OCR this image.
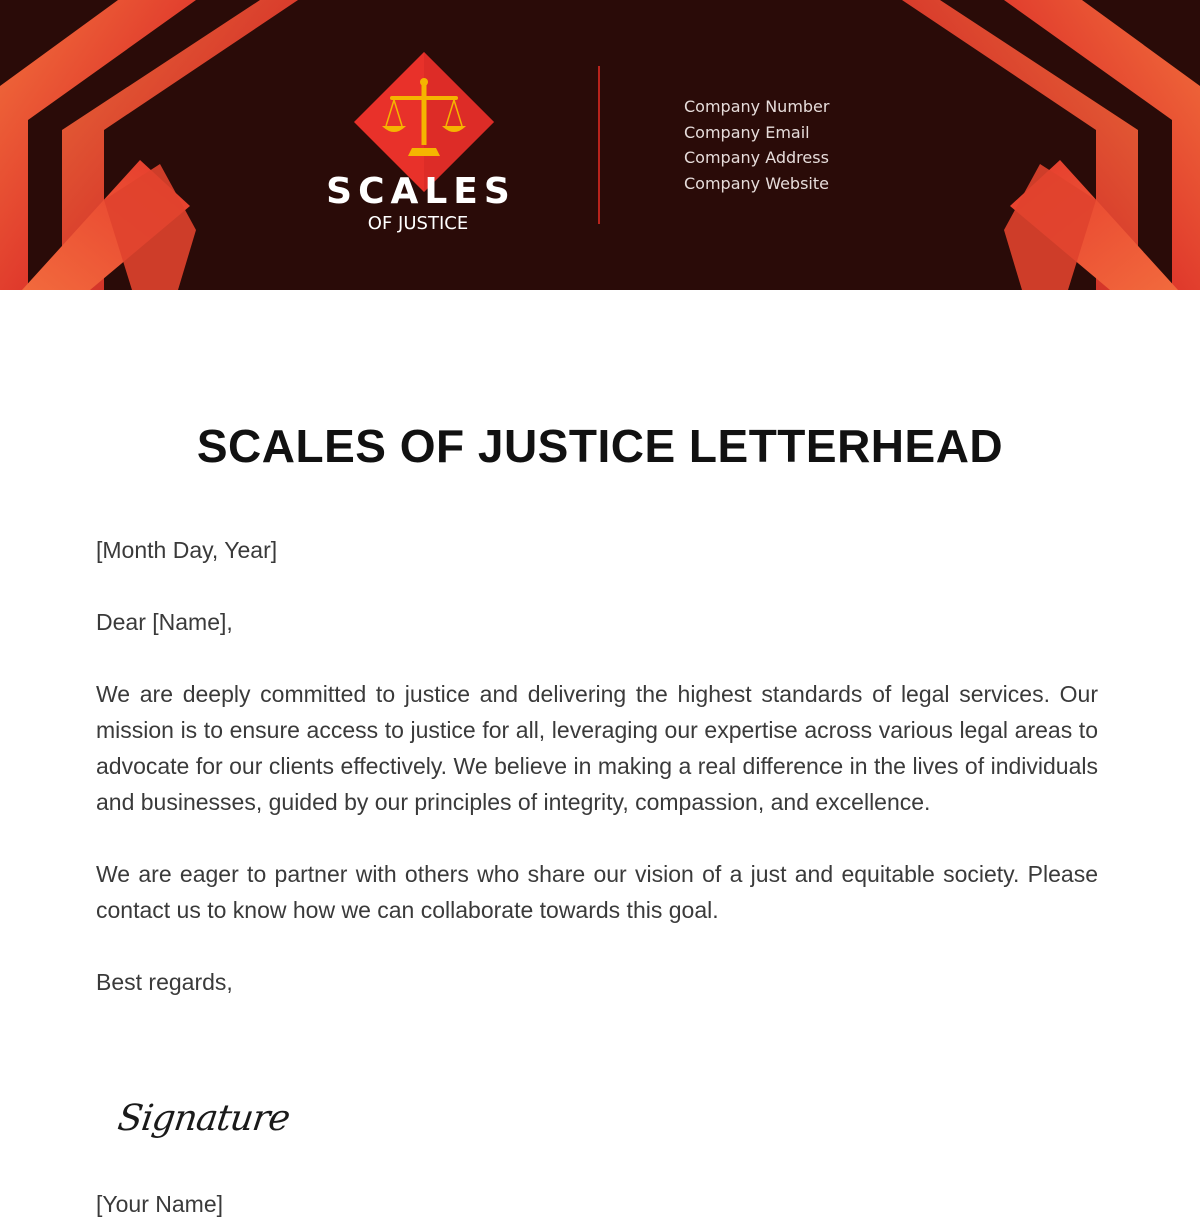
SCALES
OF JUSTICE
Company Number
Company Email
Company Address
Company Website
SCALES OF JUSTICE LETTERHEAD

[Month Day, Year]

Dear [Name],

We are deeply committed to justice and delivering the highest standards of legal services. Our mission is to ensure access to justice for all, leveraging our expertise across various legal areas to advocate for our clients effectively. We believe in making a real difference in the lives of individuals and businesses, guided by our principles of integrity, compassion, and excellence.

We are eager to partner with others who share our vision of a just and equitable society. Please contact us to know how we can collaborate towards this goal.

Best regards,

Signature
[Your Name]
